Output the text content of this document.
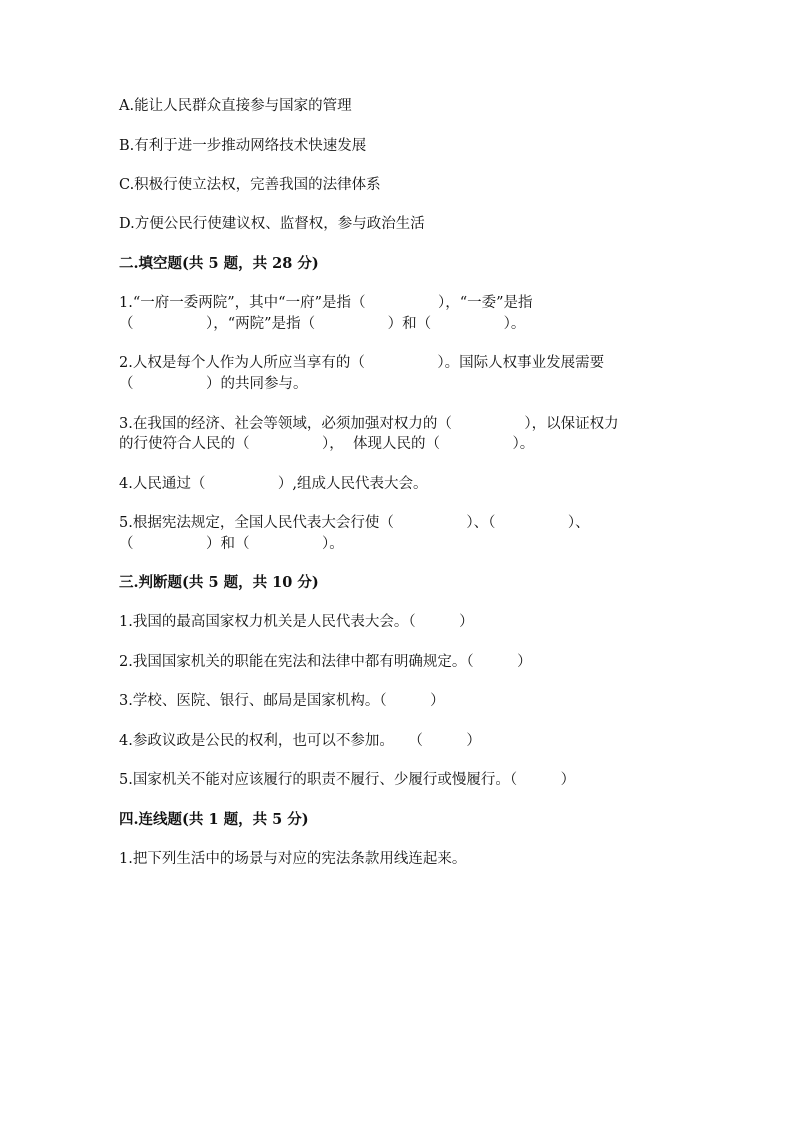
A.能让人民群众直接参与国家的管理
B.有利于进一步推动网络技术快速发展
C.积极行使立法权，完善我国的法律体系
D.方便公民行使建议权、监督权，参与政治生活
二.填空题(共 5 题，共 28 分)
1.“一府一委两院”，其中“一府”是指（　　　　　），“一委”是指
（　　　　　），“两院”是指（　　　　　）和（　　　　　）。
2.人权是每个人作为人所应当享有的（　　　　　）。国际人权事业发展需要
（　　　　　）的共同参与。
3.在我国的经济、社会等领域，必须加强对权力的（　　　　　），以保证权力
的行使符合人民的（　　　　　），  体现人民的（　　　　　）。
4.人民通过（　　　　　）,组成人民代表大会。
5.根据宪法规定，全国人民代表大会行使（　　　　　）、（　　　　　）、
（　　　　　）和（　　　　　）。
三.判断题(共 5 题，共 10 分)
1.我国的最高国家权力机关是人民代表大会。（　　　）
2.我国国家机关的职能在宪法和法律中都有明确规定。（　　　）
3.学校、医院、银行、邮局是国家机构。（　　　）
4.参政议政是公民的权利，也可以不参加。　　（　　　）
5.国家机关不能对应该履行的职责不履行、少履行或慢履行。（　　　）
四.连线题(共 1 题，共 5 分)
1.把下列生活中的场景与对应的宪法条款用线连起来。
